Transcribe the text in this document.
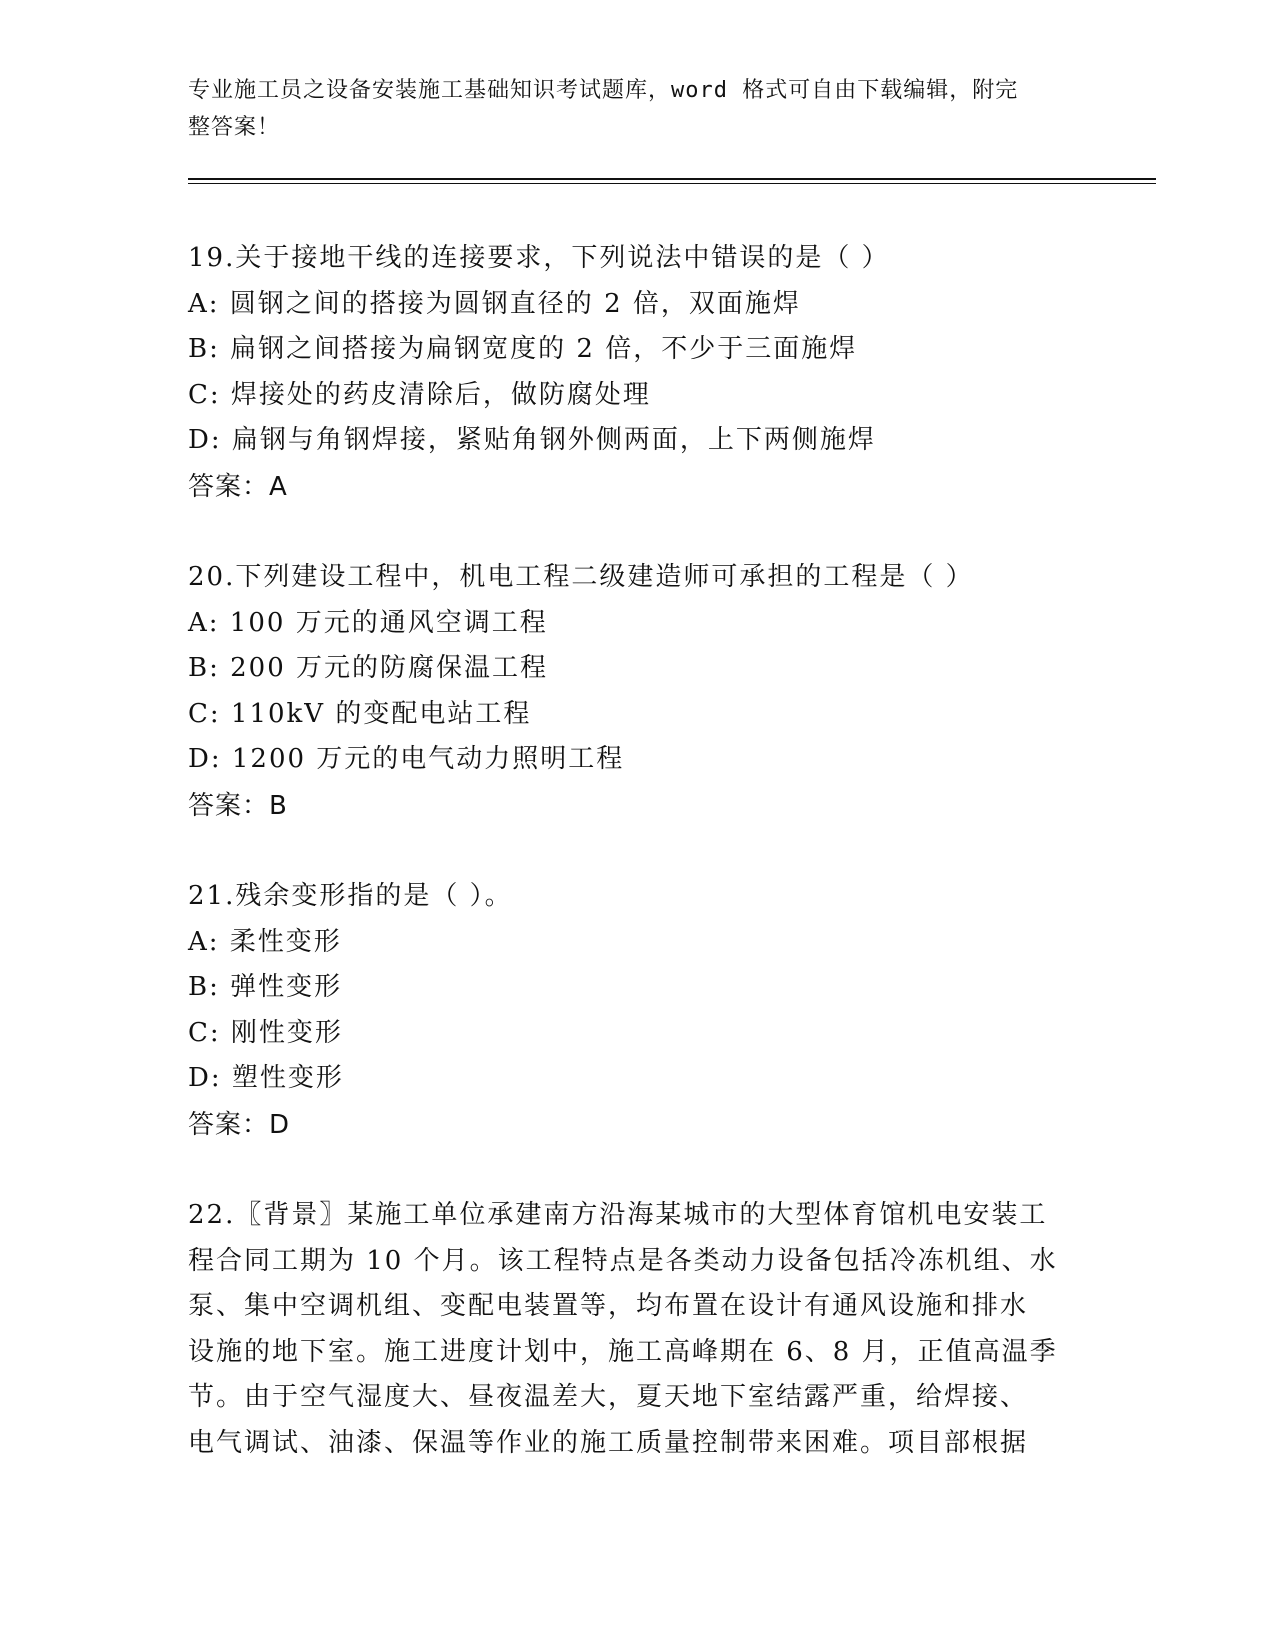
专业施工员之设备安装施工基础知识考试题库，word 格式可自由下载编辑，附完
整答案！
19.关于接地干线的连接要求，下列说法中错误的是（ ）
A: 圆钢之间的搭接为圆钢直径的 2 倍，双面施焊
B: 扁钢之间搭接为扁钢宽度的 2 倍，不少于三面施焊
C: 焊接处的药皮清除后，做防腐处理
D: 扁钢与角钢焊接，紧贴角钢外侧两面，上下两侧施焊
答案：A
20.下列建设工程中，机电工程二级建造师可承担的工程是（ ）
A: 100 万元的通风空调工程
B: 200 万元的防腐保温工程
C: 110kV 的变配电站工程
D: 1200 万元的电气动力照明工程
答案：B
21.残余变形指的是（ ）。
A: 柔性变形
B: 弹性变形
C: 刚性变形
D: 塑性变形
答案：D
22.〖背景〗某施工单位承建南方沿海某城市的大型体育馆机电安装工
程合同工期为 10 个月。该工程特点是各类动力设备包括冷冻机组、水
泵、集中空调机组、变配电装置等，均布置在设计有通风设施和排水
设施的地下室。施工进度计划中，施工高峰期在 6、8 月，正值高温季
节。由于空气湿度大、昼夜温差大，夏天地下室结露严重，给焊接、
电气调试、油漆、保温等作业的施工质量控制带来困难。项目部根据
